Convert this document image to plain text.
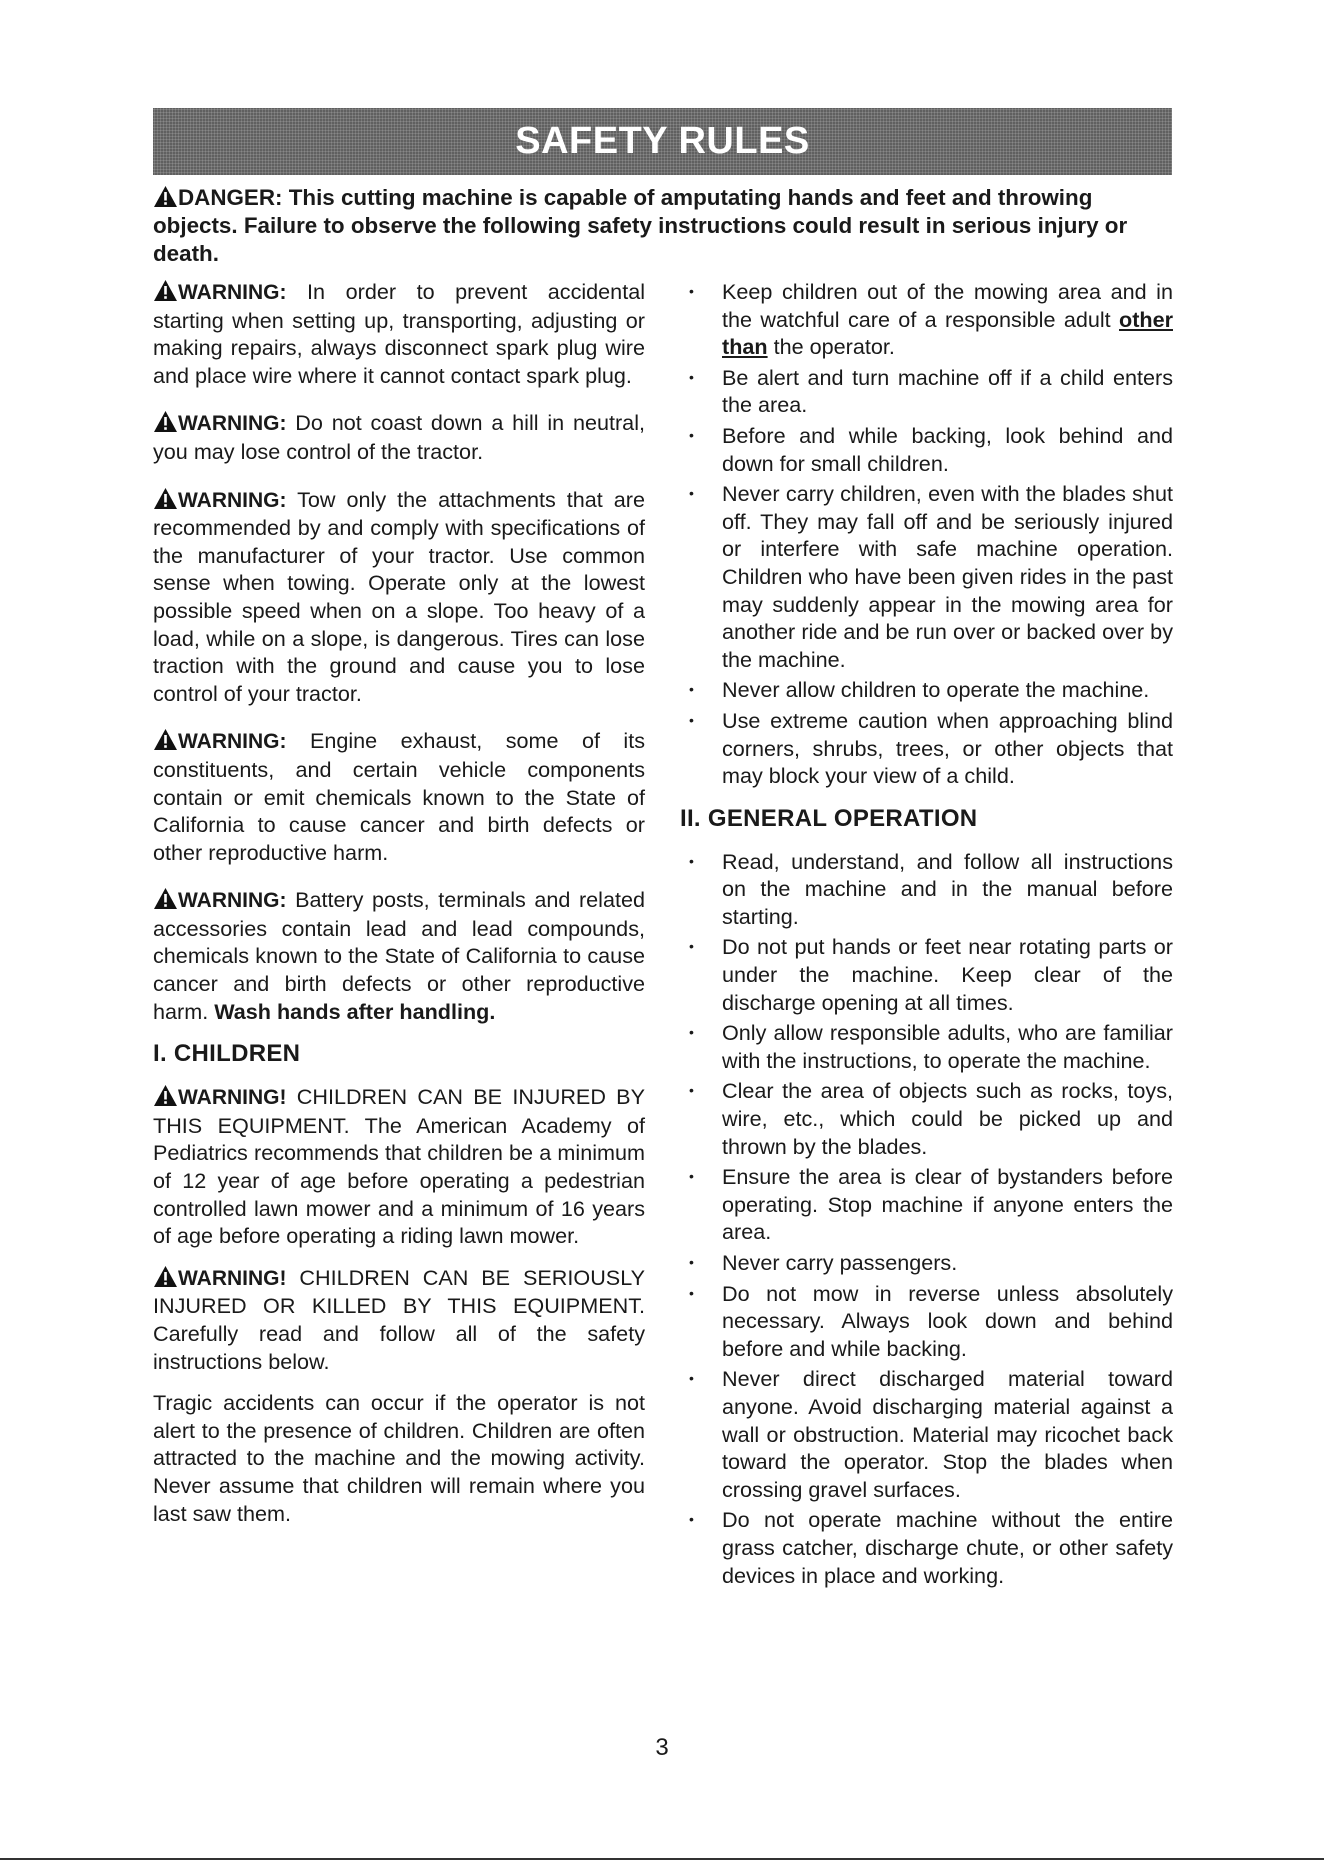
SAFETY RULES
DANGER: This cutting machine is capable of amputating hands and feet and throwing objects. Failure to observe the following safety instructions could result in serious injury or death.

WARNING: In order to prevent accidental starting when setting up, transporting, adjusting or making repairs, always disconnect spark plug wire and place wire where it cannot contact spark plug.

WARNING: Do not coast down a hill in neutral, you may lose control of the tractor.

WARNING: Tow only the attachments that are recommended by and comply with specifications of the manufacturer of your tractor. Use common sense when towing. Operate only at the lowest possible speed when on a slope. Too heavy of a load, while on a slope, is dangerous. Tires can lose traction with the ground and cause you to lose control of your tractor.

WARNING: Engine exhaust, some of its constituents, and certain vehicle components contain or emit chemicals known to the State of California to cause cancer and birth defects or other reproductive harm.

WARNING: Battery posts, terminals and related accessories contain lead and lead compounds, chemicals known to the State of California to cause cancer and birth defects or other reproductive harm. Wash hands after handling.

I. CHILDREN

WARNING! CHILDREN CAN BE INJURED BY THIS EQUIPMENT. The American Academy of Pediatrics recommends that children be a minimum of 12 year of age before operating a pedestrian controlled lawn mower and a minimum of 16 years of age before operating a riding lawn mower.

WARNING! CHILDREN CAN BE SERIOUSLY INJURED OR KILLED BY THIS EQUIPMENT. Carefully read and follow all of the safety instructions below.

Tragic accidents can occur if the operator is not alert to the presence of children. Children are often attracted to the machine and the mowing activity. Never assume that children will remain where you last saw them.

• Keep children out of the mowing area and in the watchful care of a responsible adult other than the operator.
• Be alert and turn machine off if a child enters the area.
• Before and while backing, look behind and down for small children.
• Never carry children, even with the blades shut off. They may fall off and be seriously injured or interfere with safe machine operation. Children who have been given rides in the past may suddenly appear in the mowing area for another ride and be run over or backed over by the machine.
• Never allow children to operate the machine.
• Use extreme caution when approaching blind corners, shrubs, trees, or other objects that may block your view of a child.
II. GENERAL OPERATION
• Read, understand, and follow all instructions on the machine and in the manual before starting.
• Do not put hands or feet near rotating parts or under the machine. Keep clear of the discharge opening at all times.
• Only allow responsible adults, who are familiar with the instructions, to operate the machine.
• Clear the area of objects such as rocks, toys, wire, etc., which could be picked up and thrown by the blades.
• Ensure the area is clear of bystanders before operating. Stop machine if anyone enters the area.
• Never carry passengers.
• Do not mow in reverse unless absolutely necessary. Always look down and behind before and while backing.
• Never direct discharged material toward anyone. Avoid discharging material against a wall or obstruction. Material may ricochet back toward the operator. Stop the blades when crossing gravel surfaces.
• Do not operate machine without the entire grass catcher, discharge chute, or other safety devices in place and working.
3
